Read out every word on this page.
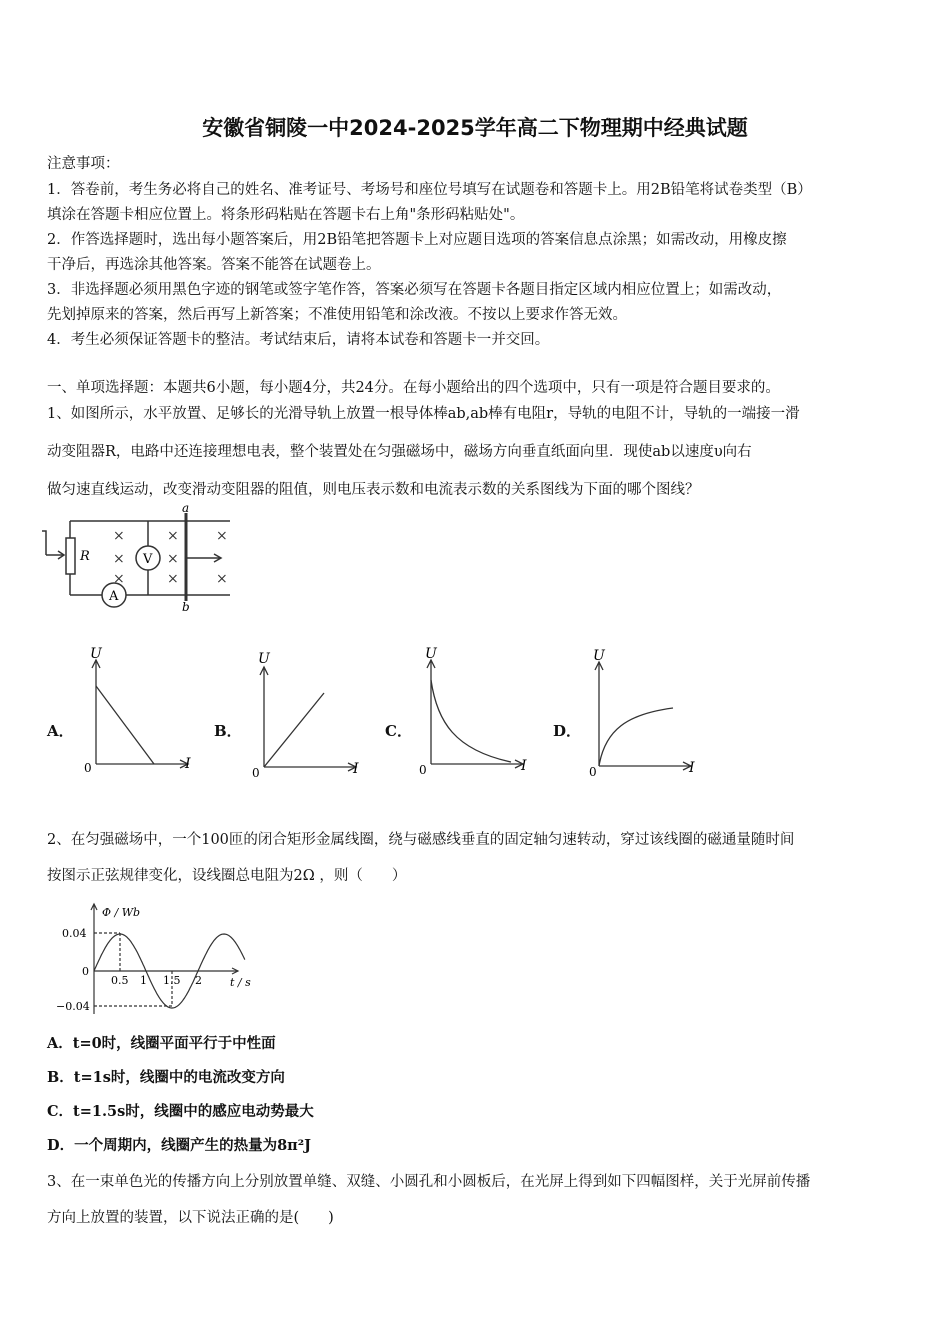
安徽省铜陵一中2024-2025学年高二下物理期中经典试题
注意事项：
1．答卷前，考生务必将自己的姓名、准考证号、考场号和座位号填写在试题卷和答题卡上。用2B铅笔将试卷类型（B）
填涂在答题卡相应位置上。将条形码粘贴在答题卡右上角"条形码粘贴处"。
2．作答选择题时，选出每小题答案后，用2B铅笔把答题卡上对应题目选项的答案信息点涂黑；如需改动，用橡皮擦
干净后，再选涂其他答案。答案不能答在试题卷上。
3．非选择题必须用黑色字迹的钢笔或签字笔作答，答案必须写在答题卡各题目指定区域内相应位置上；如需改动，
先划掉原来的答案，然后再写上新答案；不准使用铅笔和涂改液。不按以上要求作答无效。
4．考生必须保证答题卡的整洁。考试结束后，请将本试卷和答题卡一并交回。
一、单项选择题：本题共6小题，每小题4分，共24分。在每小题给出的四个选项中，只有一项是符合题目要求的。
1、如图所示，水平放置、足够长的光滑导轨上放置一根导体棒ab,ab棒有电阻r，导轨的电阻不计，导轨的一端接一滑
动变阻器R，电路中还连接理想电表，整个装置处在匀强磁场中，磁场方向垂直纸面向里．现使ab以速度υ向右
做匀速直线运动，改变滑动变阻器的阻值，则电压表示数和电流表示数的关系图线为下面的哪个图线？
×
×
×
×
×
×
×
×
R	V
A
a
b
A．
U
I
0
B．
U
I
0
C．
U
I
0
D．
U
I
0
2、在匀强磁场中，一个100匝的闭合矩形金属线圈，绕与磁感线垂直的固定轴匀速转动，穿过该线圈的磁通量随时间
按图示正弦规律变化，设线圈总电阻为2Ω ，则（　　）
Φ / Wb
t / s
0.04
0
−0.04
0.5 1 1.5 2
A．t=0时，线圈平面平行于中性面
B．t=1s时，线圈中的电流改变方向
C．t=1.5s时，线圈中的感应电动势最大
D．一个周期内，线圈产生的热量为8π²J
3、在一束单色光的传播方向上分别放置单缝、双缝、小圆孔和小圆板后，在光屏上得到如下四幅图样，关于光屏前传播
方向上放置的装置，以下说法正确的是(　　)
